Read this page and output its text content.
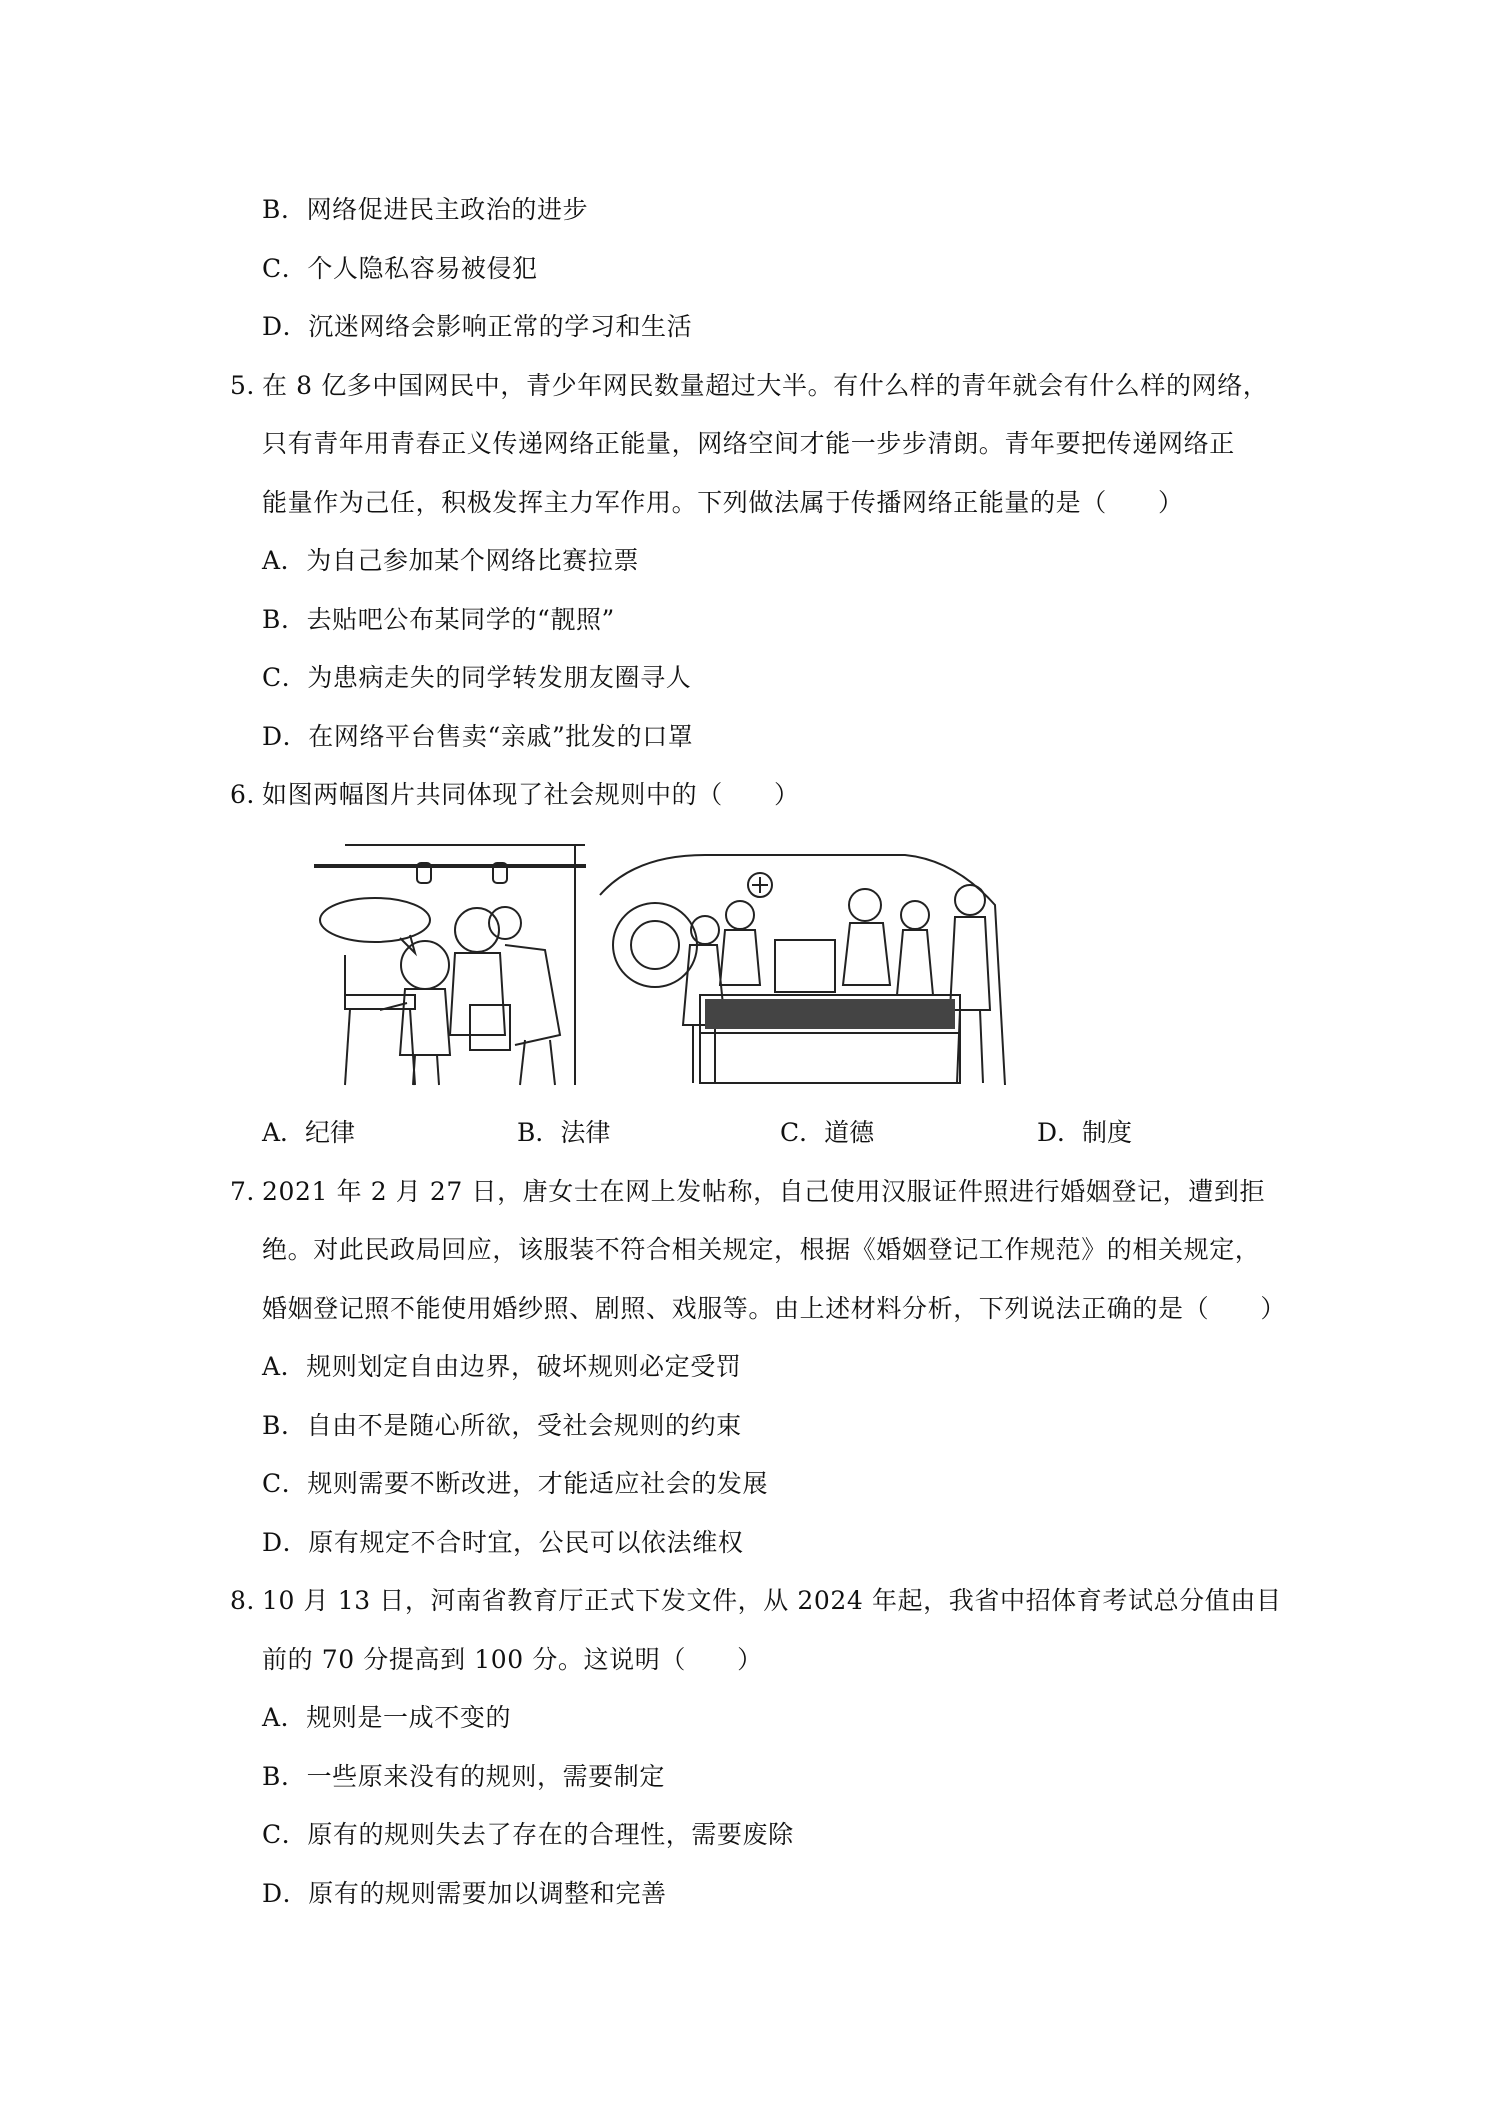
B．网络促进民主政治的进步
C．个人隐私容易被侵犯
D．沉迷网络会影响正常的学习和生活
5．在 8 亿多中国网民中，青少年网民数量超过大半。有什么样的青年就会有什么样的网络，
只有青年用青春正义传递网络正能量，网络空间才能一步步清朗。青年要把传递网络正
能量作为己任，积极发挥主力军作用。下列做法属于传播网络正能量的是（　　）
A．为自己参加某个网络比赛拉票
B．去贴吧公布某同学的“靓照”
C．为患病走失的同学转发朋友圈寻人
D．在网络平台售卖“亲戚”批发的口罩
6．如图两幅图片共同体现了社会规则中的（　　）
A．纪律	B．法律	C．道德	D．制度
7．2021 年 2 月 27 日，唐女士在网上发帖称，自己使用汉服证件照进行婚姻登记，遭到拒
绝。对此民政局回应，该服装不符合相关规定，根据《婚姻登记工作规范》的相关规定，
婚姻登记照不能使用婚纱照、剧照、戏服等。由上述材料分析，下列说法正确的是（　　）
A．规则划定自由边界，破坏规则必定受罚
B．自由不是随心所欲，受社会规则的约束
C．规则需要不断改进，才能适应社会的发展
D．原有规定不合时宜，公民可以依法维权
8．10 月 13 日，河南省教育厅正式下发文件，从 2024 年起，我省中招体育考试总分值由目
前的 70 分提高到 100 分。这说明（　　）
A．规则是一成不变的
B．一些原来没有的规则，需要制定
C．原有的规则失去了存在的合理性，需要废除
D．原有的规则需要加以调整和完善
